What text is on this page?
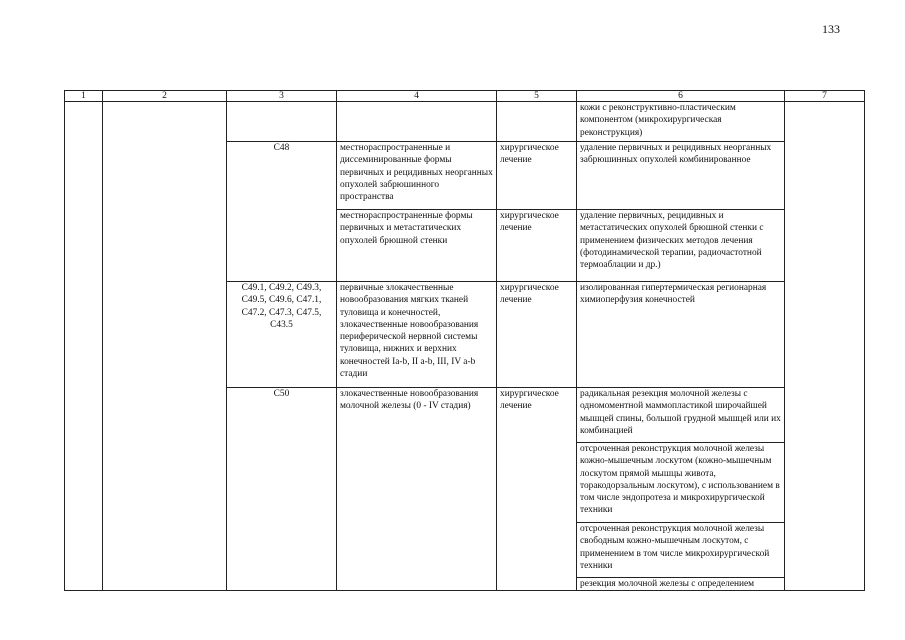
133
1	2	3	4	5	6	7
					кожи с реконструктивно-пластическим компонентом (микрохирургическая реконструкция)	
		C48	местнораспространенные и диссеминированные формы первичных и рецидивных неорганных опухолей забрюшинного пространства	хирургическое лечение	удаление первичных и рецидивных неорганных забрюшинных опухолей комбинированное	
			местнораспространенные формы первичных и метастатических опухолей брюшной стенки	хирургическое лечение	удаление первичных, рецидивных и метастатических опухолей брюшной стенки с применением физических методов лечения (фотодинамической терапии, радиочастотной термоаблации и др.)	
		C49.1, C49.2, C49.3, C49.5, C49.6, C47.1, C47.2, C47.3, C47.5, C43.5	первичные злокачественные новообразования мягких тканей туловища и конечностей, злокачественные новообразования периферической нервной системы туловища, нижних и верхних конечностей Ia-b, II a-b, III, IV a-b стадии	хирургическое лечение	изолированная гипертермическая регионарная химиоперфузия конечностей	
		C50	злокачественные новообразования молочной железы (0 - IV стадия)	хирургическое лечение	радикальная резекция молочной железы с одномоментной маммопластикой широчайшей мышцей спины, большой грудной мышцей или их комбинацией	
					отсроченная реконструкция молочной железы кожно-мышечным лоскутом (кожно-мышечным лоскутом прямой мышцы живота, торакодорзальным лоскутом), с использованием в том числе эндопротеза и микрохирургической техники	
					отсроченная реконструкция молочной железы свободным кожно-мышечным лоскутом, с применением в том числе микрохирургической техники	
					резекция молочной железы с определением	
